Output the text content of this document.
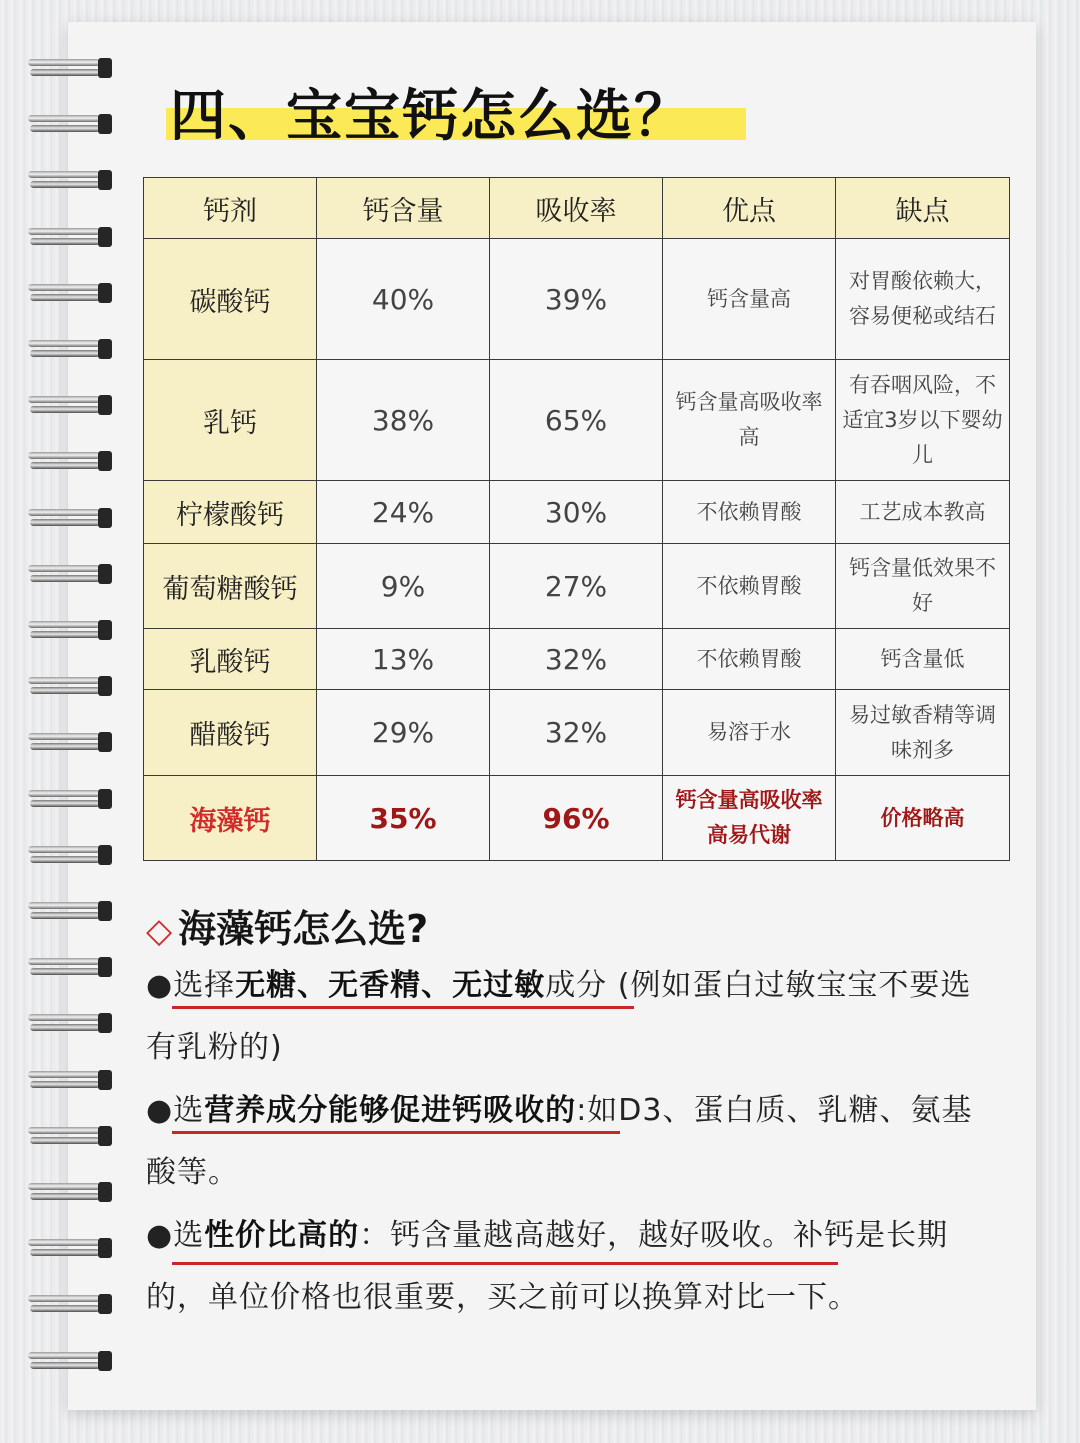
四、宝宝钙怎么选？
钙剂	钙含量	吸收率	优点	缺点
碳酸钙	40%	39%	钙含量高	对胃酸依赖大，容易便秘或结石
乳钙	38%	65%	钙含量高吸收率高	有吞咽风险，不适宜3岁以下婴幼儿
柠檬酸钙	24%	30%	不依赖胃酸	工艺成本教高
葡萄糖酸钙	9%	27%	不依赖胃酸	钙含量低效果不好
乳酸钙	13%	32%	不依赖胃酸	钙含量低
醋酸钙	29%	32%	易溶于水	易过敏香精等调味剂多
海藻钙	35%	96%	钙含量高吸收率高易代谢	价格略高
◇ 海藻钙怎么选?

●选择无糖、无香精、无过敏成分 (例如蛋白过敏宝宝不要选有乳粉的)

●选营养成分能够促进钙吸收的:如D3、蛋白质、乳糖、氨基酸等。

●选性价比高的：钙含量越高越好，越好吸收。补钙是长期的，单位价格也很重要，买之前可以换算对比一下。
